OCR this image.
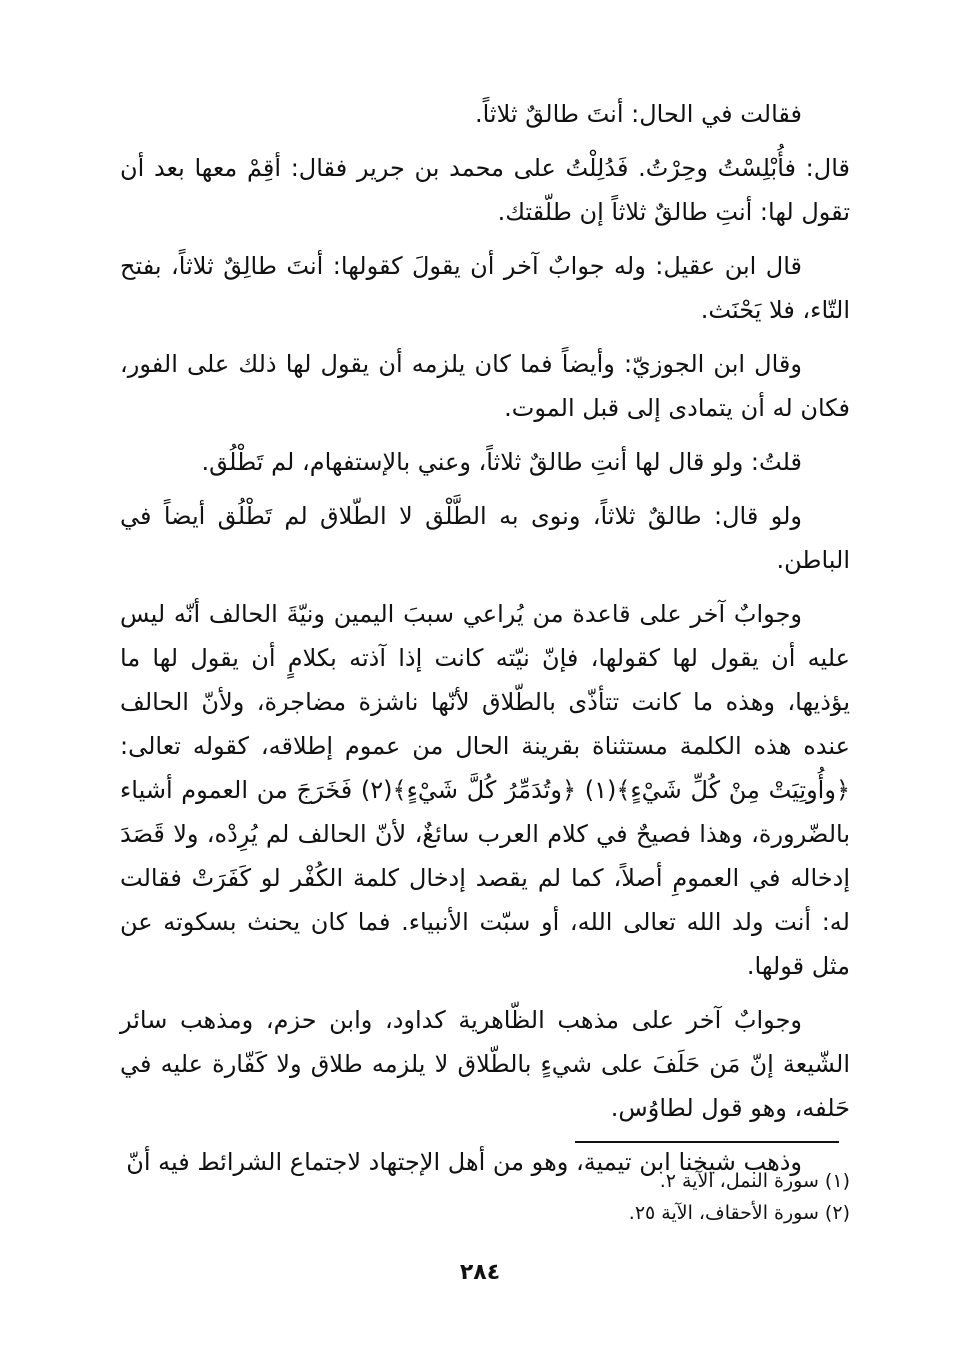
فقالت في الحال: أنتَ طالقٌ ثلاثاً.

قال: فأُبْلِسْتُ وحِرْتُ. فَدُلِلْتُ على محمد بن جرير فقال: أقِمْ معها بعد أن تقول لها: أنتِ طالقٌ ثلاثاً إن طلّقتك.

قال ابن عقيل: وله جوابٌ آخر أن يقولَ كقولها: أنتَ طالِقٌ ثلاثاً، بفتح التّاء، فلا يَحْنَث.

وقال ابن الجوزيّ: وأيضاً فما كان يلزمه أن يقول لها ذلك على الفور، فكان له أن يتمادى إلى قبل الموت.

قلتُ: ولو قال لها أنتِ طالقٌ ثلاثاً، وعني بالإستفهام، لم تَطْلُق.

ولو قال: طالقٌ ثلاثاً، ونوى به الطَّلْق لا الطّلاق لم تَطْلُق أيضاً في الباطن.

وجوابٌ آخر على قاعدة من يُراعي سببَ اليمين ونيّةَ الحالف أنّه ليس عليه أن يقول لها كقولها، فإنّ نيّته كانت إذا آذته بكلامٍ أن يقول لها ما يؤذيها، وهذه ما كانت تتأذّى بالطّلاق لأنّها ناشزة مضاجرة، ولأنّ الحالف عنده هذه الكلمة مستثناة بقرينة الحال من عموم إطلاقه، كقوله تعالى: ﴿وأُوتِيَتْ مِنْ كُلِّ شَيْءٍ﴾(١) ﴿وتُدَمِّرُ كُلَّ شَيْءٍ﴾(٢) فَخَرَجَ من العموم أشياء بالضّرورة، وهذا فصيحٌ في كلام العرب سائغٌ، لأنّ الحالف لم يُرِدْه، ولا قَصَدَ إدخاله في العمومِ أصلاً، كما لم يقصد إدخال كلمة الكُفْر لو كَفَرَتْ فقالت له: أنت ولد الله تعالى الله، أو سبّت الأنبياء. فما كان يحنث بسكوته عن مثل قولها.

وجوابٌ آخر على مذهب الظّاهرية كداود، وابن حزم، ومذهب سائر الشّيعة إنّ مَن حَلَفَ على شيءٍ بالطّلاق لا يلزمه طلاق ولا كَفّارة عليه في حَلفه، وهو قول لطاوُس.

وذهب شيخنا ابن تيمية، وهو من أهل الإجتهاد لاجتماع الشرائط فيه أنّ

(١) سورة النمل، الآية ٢.
(٢) سورة الأحقاف، الآية ٢٥.
٢٨٤
